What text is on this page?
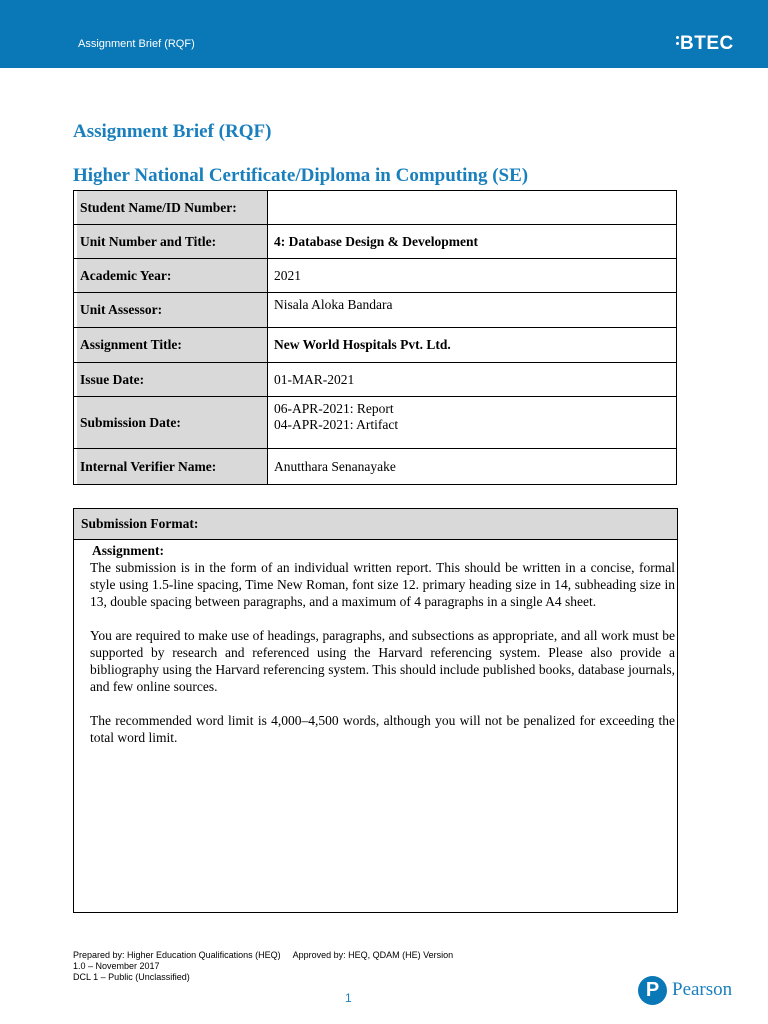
Assignment Brief (RQF)	BTEC
Assignment Brief (RQF)
Higher National Certificate/Diploma in Computing (SE)
Student Name/ID Number:	
Unit Number and Title:	4: Database Design & Development
Academic Year:	2021
Unit Assessor:	Nisala Aloka Bandara
Assignment Title:	New World Hospitals Pvt. Ltd.
Issue Date:	01-MAR-2021
Submission Date:	06-APR-2021: Report
04-APR-2021: Artifact

Internal Verifier Name:	Anutthara Senanayake
Submission Format:
Assignment:

The submission is in the form of an individual written report. This should be written in a concise, formal style using 1.5-line spacing, Time New Roman, font size 12. primary heading size in 14, subheading size in 13, double spacing between paragraphs, and a maximum of 4 paragraphs in a single A4 sheet.

You are required to make use of headings, paragraphs, and subsections as appropriate, and all work must be supported by research and referenced using the Harvard referencing system. Please also provide a bibliography using the Harvard referencing system. This should include published books, database journals, and few online sources.

The recommended word limit is 4,000–4,500 words, although you will not be penalized for exceeding the total word limit.

Prepared by: Higher Education Qualifications (HEQ)     Approved by: HEQ, QDAM (HE) Version
1.0 – November 2017
DCL 1 – Public (Unclassified)
1	P Pearson
